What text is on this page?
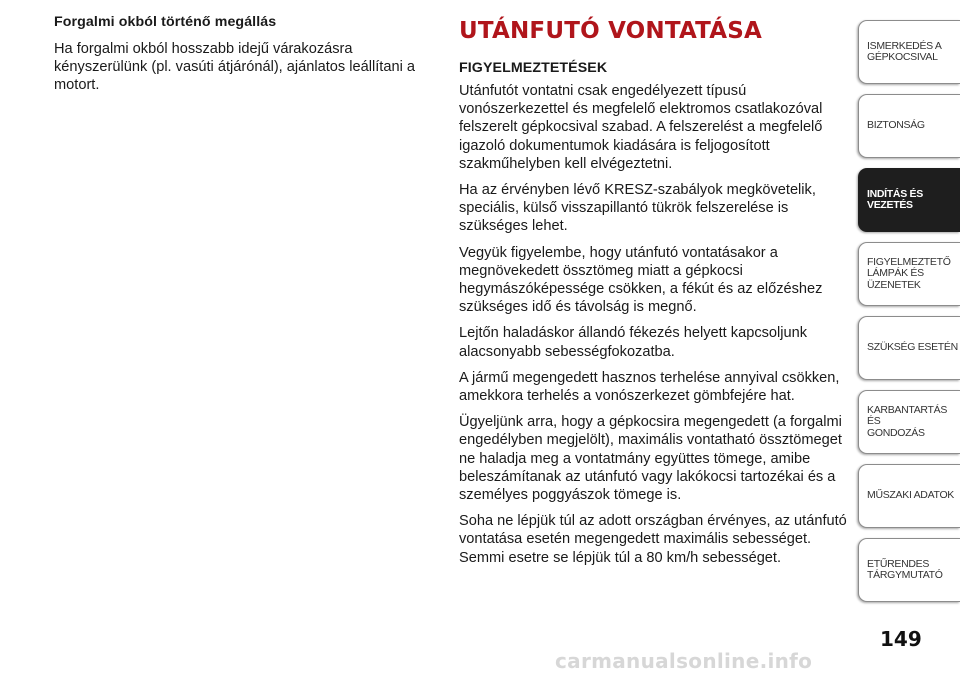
Forgalmi okból történő megállás

Ha forgalmi okból hosszabb idejű várakozásra kényszerülünk (pl. vasúti átjárónál), ajánlatos leállítani a motort.

UTÁNFUTÓ VONTATÁSA
FIGYELMEZTETÉSEK

Utánfutót vontatni csak engedélyezett típusú vonószerkezettel és megfelelő elektromos csatlakozóval felszerelt gépkocsival szabad. A felszerelést a megfelelő igazoló dokumentumok kiadására is feljogosított szakműhelyben kell elvégeztetni.

Ha az érvényben lévő KRESZ-szabályok megkövetelik, speciális, külső visszapillantó tükrök felszerelése is szükséges lehet.

Vegyük figyelembe, hogy utánfutó vontatásakor a megnövekedett össztömeg miatt a gépkocsi hegymászóképessége csökken, a fékút és az előzéshez szükséges idő és távolság is megnő.

Lejtőn haladáskor állandó fékezés helyett kapcsoljunk alacsonyabb sebességfokozatba.

A jármű megengedett hasznos terhelése annyival csökken, amekkora terhelés a vonószerkezet gömbfejére hat.

Ügyeljünk arra, hogy a gépkocsira megengedett (a forgalmi engedélyben megjelölt), maximális vontatható össztömeget ne haladja meg a vontatmány együttes tömege, amibe beleszámítanak az utánfutó vagy lakókocsi tartozékai és a személyes poggyászok tömege is.

Soha ne lépjük túl az adott országban érvényes, az utánfutó vontatása esetén megengedett maximális sebességet. Semmi esetre se lépjük túl a 80 km/h sebességet.

ISMERKEDÉS A
GÉPKOCSIVAL
BIZTONSÁG
INDÍTÁS ÉS
VEZETÉS
FIGYELMEZTETŐ
LÁMPÁK ÉS
ÜZENETEK
SZÜKSÉG ESETÉN
KARBANTARTÁS ÉS
GONDOZÁS
MŰSZAKI ADATOK
ETŰRENDES
TÁRGYMUTATÓ
149
carmanualsonline.info
